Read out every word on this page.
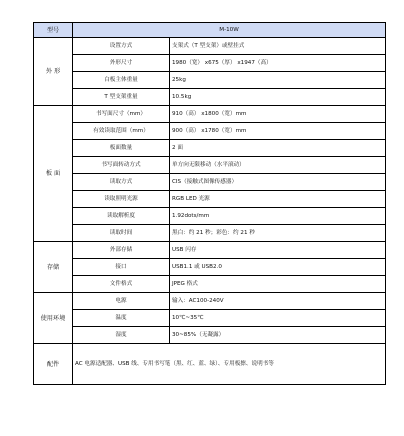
型号	M-10W	
外 形	设置方式	支架式（T 型支架）或壁挂式
	外形尺寸	1980（宽） x675（厚） x1947（高）
	白板主体重量	25kg
	T 型支架重量	10.5kg
板 面	书写面尺寸（mm）	910（高） x1800（宽）mm
	有效读取范围（mm）	900（高） x1780（宽）mm
	板面数量	2 面
	书写面转动方式	单方向无限移动（水平滚动）
	读取方式	CIS（接触式图像传感器）
	读取照明光源	RGB LED 光源
	读取解析度	1.92dots/mm
	读取时间	黑白：约 21 秒；彩色：约 21 秒
存储	外部存储	USB 闪存
	接口	USB1.1 或 USB2.0
	文件格式	JPEG 格式
使用环境	电源	输入：AC100-240V
	温度	10℃~35℃
	湿度	30~85%（无凝露）
配件	AC 电源适配器、USB 线、专用书写笔（黑、红、蓝、绿）、专用板擦、说明书等	
